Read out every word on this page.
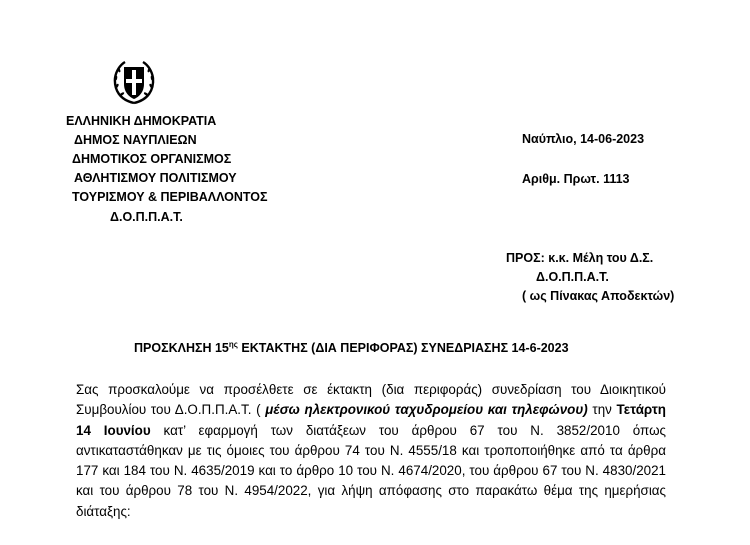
ΕΛΛΗΝΙΚΗ ΔΗΜΟΚΡΑΤΙΑ
ΔΗΜΟΣ ΝΑΥΠΛΙΕΩΝ
ΔΗΜΟΤΙΚΟΣ ΟΡΓΑΝΙΣΜΟΣ
ΑΘΛΗΤΙΣΜΟΥ ΠΟΛΙΤΙΣΜΟΥ
ΤΟΥΡΙΣΜΟΥ & ΠΕΡΙΒΑΛΛΟΝΤΟΣ
Δ.Ο.Π.Π.Α.Τ.
Ναύπλιο, 14-06-2023
Αριθμ. Πρωτ. 1113
ΠΡΟΣ: κ.κ. Μέλη του Δ.Σ.
Δ.Ο.Π.Π.Α.Τ.
( ως Πίνακας Αποδεκτών)
ΠΡΟΣΚΛΗΣΗ $15^{\eta\varsigma}$ ΕΚΤΑΚΤΗΣ (ΔΙΑ ΠΕΡΙΦΟΡΑΣ) ΣΥΝΕΔΡΙΑΣΗΣ 14-6-2023
Σας προσκαλούμε να προσέλθετε σε έκτακτη (δια περιφοράς) συνεδρίαση του Διοικητικού Συμβουλίου του Δ.Ο.Π.Π.Α.Τ. ( μέσω ηλεκτρονικού ταχυδρομείου και τηλεφώνου) την Τετάρτη 14 Ιουνίου κατ’ εφαρμογή των διατάξεων του άρθρου 67 του Ν. 3852/2010 όπως αντικαταστάθηκαν με τις όμοιες του άρθρου 74 του Ν. 4555/18 και τροποποιήθηκε από τα άρθρα 177 και 184 του Ν. 4635/2019 και το άρθρο 10 του Ν. 4674/2020, του άρθρου 67 του Ν. 4830/2021 και του άρθρου 78 του Ν. 4954/2022, για λήψη απόφασης στο παρακάτω θέμα της ημερήσιας διάταξης:
